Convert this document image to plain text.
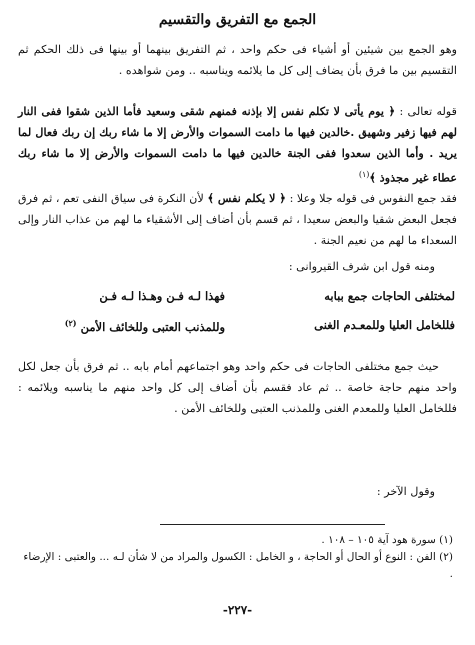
الجمع مع التفريق والتقسيم
وهو الجمع بين شيئين أو أشياء فى حكم واحد ، ثم التفريق بينهما أو بينها فى ذلك الحكم ثم التقسيم بين ما فرق بأن يضاف إلى كل ما يلائمه ويناسبه .. ومن شواهده .
قوله تعالى : ﴿ يوم يأتى لا تكلم نفس إلا بإذنه فمنهم شقى وسعيد فأما الذين شقوا ففى النار لهم فيها زفير وشهيق .خالدين فيها ما دامت السموات والأرض إلا ما شاء ربك إن ربك فعال لما يريد . وأما الذين سعدوا ففى الجنة خالدين فيها ما دامت السموات والأرض إلا ما شاء ربك عطاء غير مجذوذ ﴾$^{(١)}$
فقد جمع النفوس فى قوله جلا وعلا : ﴿ لا يكلم نفس ﴾ لأن النكرة فى سياق النفى تعم ، ثم فرق فجعل البعض شقيا والبعض سعيدا ، ثم قسم بأن أضاف إلى الأشقياء ما لهم من عذاب النار وإلى السعداء ما لهم من نعيم الجنة .
ومنه قول ابن شرف القيروانى :
لمختلفى الحاجات جمع ببابه
فهذا لـه فـن وهـذا لـه فـن
فللخامل العليا وللمعـدم الغنى
وللمذنب العتبى وللخائف الأمن $^{(٢)}$
حيث جمع مختلفى الحاجات فى حكم واحد وهو اجتماعهم أمام بابه .. ثم فرق بأن جعل لكل واحد منهم حاجة خاصة .. ثم عاد فقسم بأن أضاف إلى كل واحد منهم ما يناسبه ويلائمه : فللخامل العليا وللمعدم الغنى وللمذنب العتبى وللخائف الأمن .
وقول الآخر :
(١) سورة هود آية ١٠٥ – ١٠٨ .
(٢) الفن : النوع أو الحال أو الحاجة ، و الخامل : الكسول والمراد من لا شأن لـه ... والعتبى : الإرضاء .
-٢٢٧-
